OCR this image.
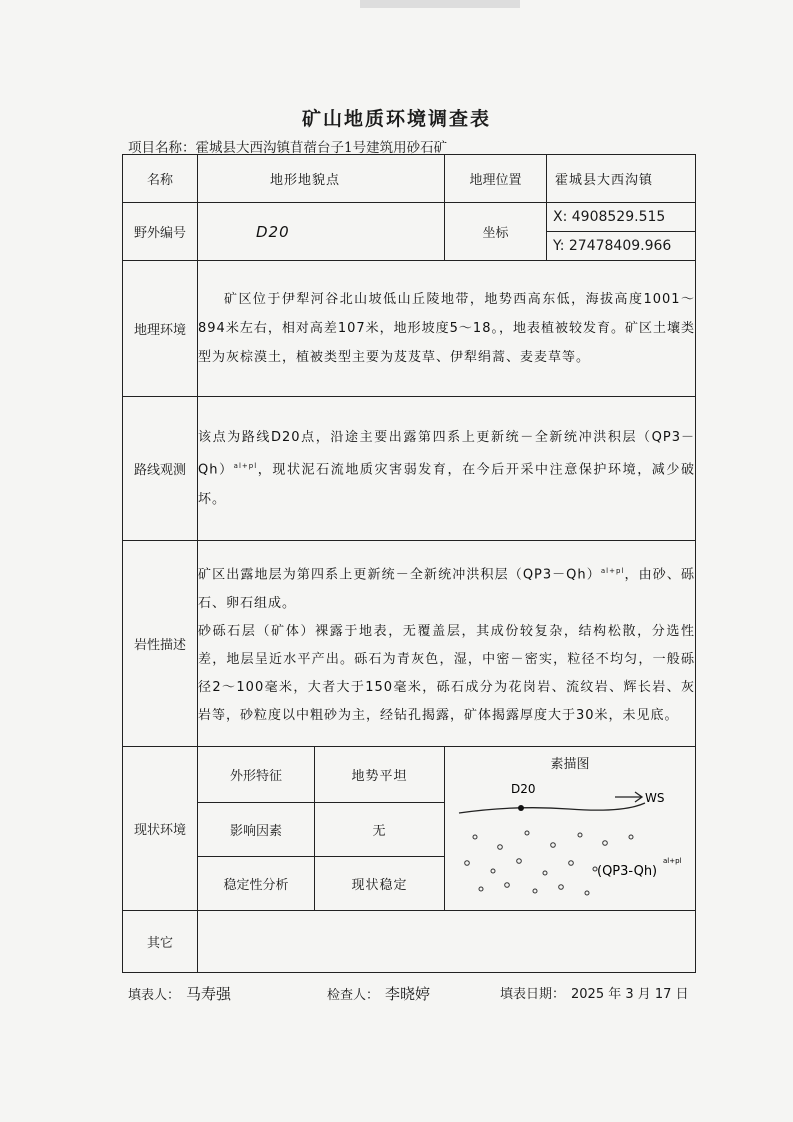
矿山地质环境调查表
项目名称：霍城县大西沟镇苜蓿台子1号建筑用砂石矿
名称	地形地貌点		地理位置	霍城县大西沟镇
野外编号	D20		坐标	X: 4908529.515
Y: 27478409.966

地理环境	矿区位于伊犁河谷北山坡低山丘陵地带，地势西高东低，海拔高度1001～894米左右，相对高差107米，地形坡度5～18。，地表植被较发育。矿区土壤类型为灰棕漠土，植被类型主要为芨芨草、伊犁绢蒿、麦麦草等。			
路线观测	该点为路线D20点，沿途主要出露第四系上更新统－全新统冲洪积层$(QP3-Qh)^{al+pl}$，现状泥石流地质灾害弱发育，在今后开采中注意保护环境，减少破坏。			
岩性描述	矿区出露地层为第四系上更新统－全新统冲洪积层$(QP3-Qh)^{al+pl}$，由砂、砾石、卵石组成。
砂砾石层（矿体）裸露于地表，无覆盖层，其成份较复杂，结构松散，分选性差，地层呈近水平产出。砾石为青灰色，湿，中密－密实，粒径不均匀，一般砾径2～100毫米，大者大于150毫米，砾石成分为花岗岩、流纹岩、辉长岩、灰岩等，砂粒度以中粗砂为主，经钻孔揭露，矿体揭露厚度大于30米，未见底。			
现状环境	外形特征	地势平坦	素描图
D20
WS
(QP3-Qh)
al+pl	

	影响因素	无		
	稳定性分析	现状稳定		
其它				
填表人： 马寿强	检查人： 李晓婷	填表日期： 2025 年 3 月 17 日
